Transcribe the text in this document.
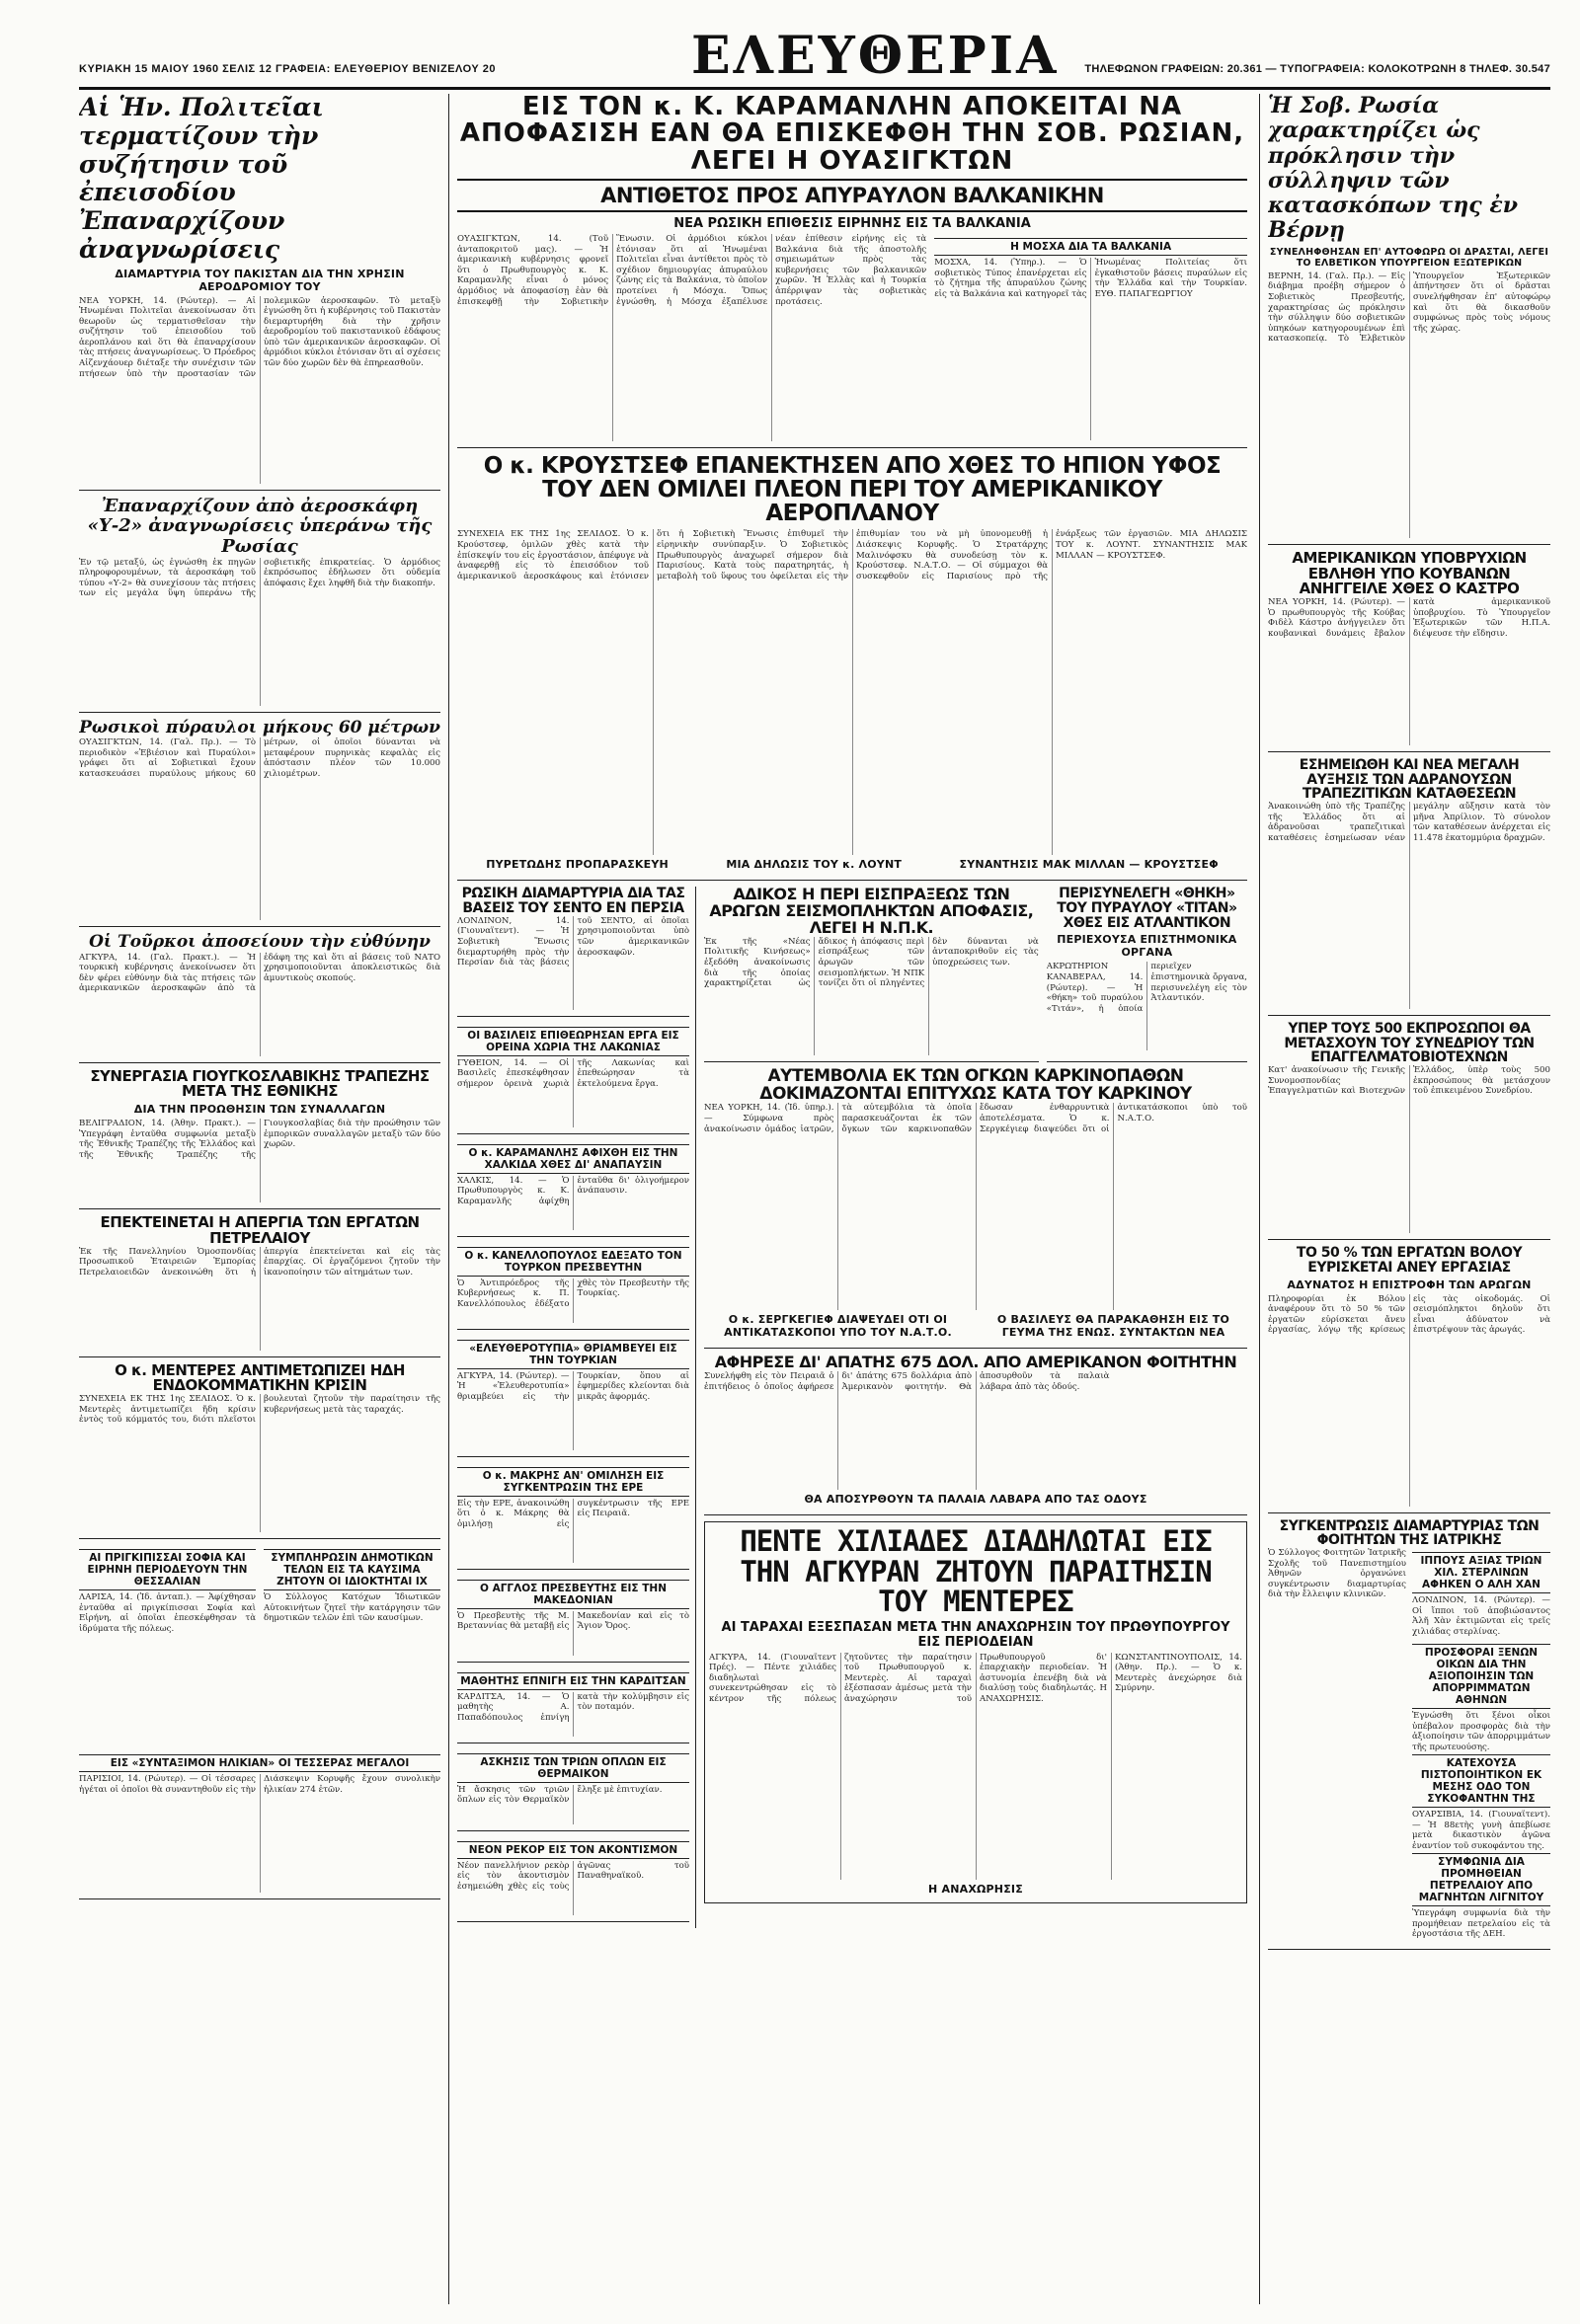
ΚΥΡΙΑΚΗ 15 ΜΑΙΟΥ 1960 ΣΕΛΙΣ 12 ΓΡΑΦΕΙΑ: ΕΛΕΥΘΕΡΙΟΥ ΒΕΝΙΖΕΛΟΥ 20	ΕΛΕΥΘΕΡΙΑ ΤΗΛΕΦΩΝΟΝ ΓΡΑΦΕΙΩΝ: 20.361 — ΤΥΠΟΓΡΑΦΕΙΑ: ΚΟΛΟΚΟΤΡΩΝΗ 8 ΤΗΛΕΦ. 30.547
Αἱ Ἡν. Πολιτεῖαι τερματίζουν τὴν συζήτησιν τοῦ ἐπεισοδίου Ἐπαναρχίζουν ἀναγνωρίσεις
ΔΙΑΜΑΡΤΥΡΙΑ ΤΟΥ ΠΑΚΙΣΤΑΝ ΔΙΑ ΤΗΝ ΧΡΗΣΙΝ ΑΕΡΟΔΡΟΜΙΟΥ ΤΟΥ
ΝΕΑ ΥΟΡΚΗ, 14. (Ρώυτερ). — Αἱ Ἡνωμέναι Πολιτεῖαι ἀνεκοίνωσαν ὅτι θεωροῦν ὡς τερματισθεῖσαν τὴν συζήτησιν τοῦ ἐπεισοδίου τοῦ ἀεροπλάνου καὶ ὅτι θὰ ἐπαναρχίσουν τὰς πτήσεις ἀναγνωρίσεως. Ὁ Πρόεδρος Αἰζενχάουερ διέταξε τὴν συνέχισιν τῶν πτήσεων ὑπὸ τὴν προστασίαν τῶν πολεμικῶν ἀεροσκαφῶν. Τὸ μεταξὺ ἐγνώσθη ὅτι ἡ κυβέρνησις τοῦ Πακιστὰν διεμαρτυρήθη διὰ τὴν χρῆσιν ἀεροδρομίου τοῦ πακιστανικοῦ ἐδάφους ὑπὸ τῶν ἀμερικανικῶν ἀεροσκαφῶν. Οἱ ἀρμόδιοι κύκλοι ἐτόνισαν ὅτι αἱ σχέσεις τῶν δύο χωρῶν δὲν θὰ ἐπηρεασθοῦν.
Ἐπαναρχίζουν ἀπὸ ἀεροσκάφη «Υ-2» ἀναγνωρίσεις ὑπεράνω τῆς Ρωσίας
Ἐν τῷ μεταξύ, ὡς ἐγνώσθη ἐκ πηγῶν πληροφορουμένων, τὰ ἀεροσκάφη τοῦ τύπου «Υ-2» θὰ συνεχίσουν τὰς πτήσεις των εἰς μεγάλα ὕψη ὑπεράνω τῆς σοβιετικῆς ἐπικρατείας. Ὁ ἀρμόδιος ἐκπρόσωπος ἐδήλωσεν ὅτι οὐδεμία ἀπόφασις ἔχει ληφθῆ διὰ τὴν διακοπήν.
Ρωσικοὶ πύραυλοι μήκους 60 μέτρων
ΟΥΑΣΙΓΚΤΩΝ, 14. (Γαλ. Πρ.). — Τὸ περιοδικὸν «Ἐβιέσιον καὶ Πυραύλοι» γράφει ὅτι αἱ Σοβιετικαὶ ἔχουν κατασκευάσει πυραύλους μήκους 60 μέτρων, οἱ ὁποῖοι δύνανται νὰ μεταφέρουν πυρηνικὰς κεφαλὰς εἰς ἀπόστασιν πλέον τῶν 10.000 χιλιομέτρων.
Οἱ Τοῦρκοι ἀποσείουν τὴν εὐθύνην
ΑΓΚΥΡΑ, 14. (Γαλ. Πρακτ.). — Ἡ τουρκικὴ κυβέρνησις ἀνεκοίνωσεν ὅτι δὲν φέρει εὐθύνην διὰ τὰς πτήσεις τῶν ἀμερικανικῶν ἀεροσκαφῶν ἀπὸ τὰ ἐδάφη της καὶ ὅτι αἱ βάσεις τοῦ ΝΑΤΟ χρησιμοποιοῦνται ἀποκλειστικῶς διὰ ἀμυντικοὺς σκοπούς.
ΣΥΝΕΡΓΑΣΙΑ ΓΙΟΥΓΚΟΣΛΑΒΙΚΗΣ ΤΡΑΠΕΖΗΣ ΜΕΤΑ ΤΗΣ ΕΘΝΙΚΗΣ
ΔΙΑ ΤΗΝ ΠΡΟΩΘΗΣΙΝ ΤΩΝ ΣΥΝΑΛΛΑΓΩΝ
ΒΕΛΙΓΡΑΔΙΟΝ, 14. (Ἀθην. Πρακτ.). — Ὑπεγράφη ἐνταῦθα συμφωνία μεταξὺ τῆς Ἐθνικῆς Τραπέζης τῆς Ἑλλάδος καὶ τῆς Ἐθνικῆς Τραπέζης τῆς Γιουγκοσλαβίας διὰ τὴν προώθησιν τῶν ἐμπορικῶν συναλλαγῶν μεταξὺ τῶν δύο χωρῶν.
ΕΠΕΚΤΕΙΝΕΤΑΙ Η ΑΠΕΡΓΙΑ ΤΩΝ ΕΡΓΑΤΩΝ ΠΕΤΡΕΛΑΙΟΥ
Ἐκ τῆς Πανελληνίου Ὁμοσπονδίας Προσωπικοῦ Ἑταιρειῶν Ἐμπορίας Πετρελαιοειδῶν ἀνεκοινώθη ὅτι ἡ ἀπεργία ἐπεκτείνεται καὶ εἰς τὰς ἐπαρχίας. Οἱ ἐργαζόμενοι ζητοῦν τὴν ἱκανοποίησιν τῶν αἰτημάτων των.
Ο κ. ΜΕΝΤΕΡΕΣ ΑΝΤΙΜΕΤΩΠΙΖΕΙ ΗΔΗ ΕΝΔΟΚΟΜΜΑΤΙΚΗΝ ΚΡΙΣΙΝ
ΣΥΝΕΧΕΙΑ ΕΚ ΤΗΣ 1ης ΣΕΛΙΔΟΣ. Ὁ κ. Μεντερὲς ἀντιμετωπίζει ἤδη κρίσιν ἐντὸς τοῦ κόμματός του, διότι πλεῖστοι βουλευταὶ ζητοῦν τὴν παραίτησιν τῆς κυβερνήσεως μετὰ τὰς ταραχάς.
ΑΙ ΠΡΙΓΚΙΠΙΣΣΑΙ ΣΟΦΙΑ ΚΑΙ ΕΙΡΗΝΗ ΠΕΡΙΟΔΕΥΟΥΝ ΤΗΝ ΘΕΣΣΑΛΙΑΝ
ΛΑΡΙΣΑ, 14. (Ἰδ. ἀνταπ.). — Ἀφίχθησαν ἐνταῦθα αἱ πριγκίπισσαι Σοφία καὶ Εἰρήνη, αἱ ὁποῖαι ἐπεσκέφθησαν τὰ ἱδρύματα τῆς πόλεως.
ΣΥΜΠΛΗΡΩΣΙΝ ΔΗΜΟΤΙΚΩΝ ΤΕΛΩΝ ΕΙΣ ΤΑ ΚΑΥΣΙΜΑ ΖΗΤΟΥΝ ΟΙ ΙΔΙΟΚΤΗΤΑΙ ΙΧ
Ὁ Σύλλογος Κατόχων Ἰδιωτικῶν Αὐτοκινήτων ζητεῖ τὴν κατάργησιν τῶν δημοτικῶν τελῶν ἐπὶ τῶν καυσίμων.
ΕΙΣ «ΣΥΝΤΑΞΙΜΟΝ ΗΛΙΚΙΑΝ» ΟΙ ΤΕΣΣΕΡΑΣ ΜΕΓΑΛΟΙ
ΠΑΡΙΣΙΟΙ, 14. (Ρώυτερ). — Οἱ τέσσαρες ἡγέται οἱ ὁποῖοι θὰ συναντηθοῦν εἰς τὴν Διάσκεψιν Κορυφῆς ἔχουν συνολικὴν ἡλικίαν 274 ἐτῶν.
ΕΙΣ ΤΟΝ κ. Κ. ΚΑΡΑΜΑΝΛΗΝ ΑΠΟΚΕΙΤΑΙ ΝΑ ΑΠΟΦΑΣΙΣΗ ΕΑΝ ΘΑ ΕΠΙΣΚΕΦΘΗ ΤΗΝ ΣΟΒ. ΡΩΣΙΑΝ, ΛΕΓΕΙ Η ΟΥΑΣΙΓΚΤΩΝ
ΑΝΤΙΘΕΤΟΣ ΠΡΟΣ ΑΠΥΡΑΥΛΟΝ ΒΑΛΚΑΝΙΚΗΝ
ΝΕΑ ΡΩΣΙΚΗ ΕΠΙΘΕΣΙΣ ΕΙΡΗΝΗΣ ΕΙΣ ΤΑ ΒΑΛΚΑΝΙΑ
ΟΥΑΣΙΓΚΤΩΝ, 14. (Τοῦ ἀνταποκριτοῦ μας). — Ἡ ἀμερικανικὴ κυβέρνησις φρονεῖ ὅτι ὁ Πρωθυπουργὸς κ. Κ. Καραμανλῆς εἶναι ὁ μόνος ἁρμόδιος νὰ ἀποφασίσῃ ἐὰν θὰ ἐπισκεφθῇ τὴν Σοβιετικὴν Ἕνωσιν. Οἱ ἀρμόδιοι κύκλοι ἐτόνισαν ὅτι αἱ Ἡνωμέναι Πολιτεῖαι εἶναι ἀντίθετοι πρὸς τὸ σχέδιον δημιουργίας ἀπυραύλου ζώνης εἰς τὰ Βαλκάνια, τὸ ὁποῖον προτείνει ἡ Μόσχα. Ὅπως ἐγνώσθη, ἡ Μόσχα ἐξαπέλυσε νέαν ἐπίθεσιν εἰρήνης εἰς τὰ Βαλκάνια διὰ τῆς ἀποστολῆς σημειωμάτων πρὸς τὰς κυβερνήσεις τῶν βαλκανικῶν χωρῶν. Ἡ Ἑλλὰς καὶ ἡ Τουρκία ἀπέρριψαν τὰς σοβιετικὰς προτάσεις.
Η ΜΟΣΧΑ ΔΙΑ ΤΑ ΒΑΛΚΑΝΙΑ
ΜΟΣΧΑ, 14. (Ὑπηρ.). — Ὁ σοβιετικὸς Τύπος ἐπανέρχεται εἰς τὸ ζήτημα τῆς ἀπυραύλου ζώνης εἰς τὰ Βαλκάνια καὶ κατηγορεῖ τὰς Ἡνωμένας Πολιτείας ὅτι ἐγκαθιστοῦν βάσεις πυραύλων εἰς τὴν Ἑλλάδα καὶ τὴν Τουρκίαν. ΕΥΘ. ΠΑΠΑΓΕΩΡΓΙΟΥ
Ο κ. ΚΡΟΥΣΤΣΕΦ ΕΠΑΝΕΚΤΗΣΕΝ ΑΠΟ ΧΘΕΣ ΤΟ ΗΠΙΟΝ ΥΦΟΣ ΤΟΥ ΔΕΝ ΟΜΙΛΕΙ ΠΛΕΟΝ ΠΕΡΙ ΤΟΥ ΑΜΕΡΙΚΑΝΙΚΟΥ ΑΕΡΟΠΛΑΝΟΥ
ΣΥΝΕΧΕΙΑ ΕΚ ΤΗΣ 1ης ΣΕΛΙΔΟΣ. Ὁ κ. Κρούστσεφ, ὁμιλῶν χθὲς κατὰ τὴν ἐπίσκεψίν του εἰς ἐργοστάσιον, ἀπέφυγε νὰ ἀναφερθῇ εἰς τὸ ἐπεισόδιον τοῦ ἀμερικανικοῦ ἀεροσκάφους καὶ ἐτόνισεν ὅτι ἡ Σοβιετικὴ Ἕνωσις ἐπιθυμεῖ τὴν εἰρηνικὴν συνύπαρξιν. Ὁ Σοβιετικὸς Πρωθυπουργὸς ἀναχωρεῖ σήμερον διὰ Παρισίους. Κατὰ τοὺς παρατηρητάς, ἡ μεταβολὴ τοῦ ὕφους του ὀφείλεται εἰς τὴν ἐπιθυμίαν του νὰ μὴ ὑπονομευθῇ ἡ Διάσκεψις Κορυφῆς. Ὁ Στρατάρχης Μαλινόφσκυ θὰ συνοδεύσῃ τὸν κ. Κρούστσεφ. Ν.Α.Τ.Ο. — Οἱ σύμμαχοι θὰ συσκεφθοῦν εἰς Παρισίους πρὸ τῆς ἐνάρξεως τῶν ἐργασιῶν. ΜΙΑ ΔΗΛΩΣΙΣ ΤΟΥ κ. ΛΟΥΝΤ. ΣΥΝΑΝΤΗΣΙΣ ΜΑΚ ΜΙΛΛΑΝ — ΚΡΟΥΣΤΣΕΦ.
ΠΥΡΕΤΩΔΗΣ ΠΡΟΠΑΡΑΣΚΕΥΗ	ΜΙΑ ΔΗΛΩΣΙΣ ΤΟΥ κ. ΛΟΥΝΤ	ΣΥΝΑΝΤΗΣΙΣ ΜΑΚ ΜΙΛΛΑΝ — ΚΡΟΥΣΤΣΕΦ
ΡΩΣΙΚΗ ΔΙΑΜΑΡΤΥΡΙΑ ΔΙΑ ΤΑΣ ΒΑΣΕΙΣ ΤΟΥ ΣΕΝΤΟ ΕΝ ΠΕΡΣΙΑ
ΛΟΝΔΙΝΟΝ, 14. (Γιουναϊτεντ). — Ἡ Σοβιετικὴ Ἕνωσις διεμαρτυρήθη πρὸς τὴν Περσίαν διὰ τὰς βάσεις τοῦ ΣΕΝΤΟ, αἱ ὁποῖαι χρησιμοποιοῦνται ὑπὸ τῶν ἀμερικανικῶν ἀεροσκαφῶν.
ΟΙ ΒΑΣΙΛΕΙΣ ΕΠΙΘΕΩΡΗΣΑΝ ΕΡΓΑ ΕΙΣ ΟΡΕΙΝΑ ΧΩΡΙΑ ΤΗΣ ΛΑΚΩΝΙΑΣ
ΓΥΘΕΙΟΝ, 14. — Οἱ Βασιλεῖς ἐπεσκέφθησαν σήμερον ὀρεινὰ χωριὰ τῆς Λακωνίας καὶ ἐπεθεώρησαν τὰ ἐκτελούμενα ἔργα.
Ο κ. ΚΑΡΑΜΑΝΛΗΣ ΑΦΙΧΘΗ ΕΙΣ ΤΗΝ ΧΑΛΚΙΔΑ ΧΘΕΣ ΔΙ' ΑΝΑΠΑΥΣΙΝ
ΧΑΛΚΙΣ, 14. — Ὁ Πρωθυπουργὸς κ. Κ. Καραμανλῆς ἀφίχθη ἐνταῦθα δι' ὀλιγοήμερον ἀνάπαυσιν.
Ο κ. ΚΑΝΕΛΛΟΠΟΥΛΟΣ ΕΔΕΞΑΤΟ ΤΟΝ ΤΟΥΡΚΟΝ ΠΡΕΣΒΕΥΤΗΝ
Ὁ Ἀντιπρόεδρος τῆς Κυβερνήσεως κ. Π. Κανελλόπουλος ἐδέξατο χθὲς τὸν Πρεσβευτὴν τῆς Τουρκίας.
«ΕΛΕΥΘΕΡΟΤΥΠΙΑ» ΘΡΙΑΜΒΕΥΕΙ ΕΙΣ ΤΗΝ ΤΟΥΡΚΙΑΝ
ΑΓΚΥΡΑ, 14. (Ρώυτερ). — Ἡ «Ἐλευθεροτυπία» θριαμβεύει εἰς τὴν Τουρκίαν, ὅπου αἱ ἐφημερίδες κλείονται διὰ μικρᾶς ἀφορμάς.
Ο κ. ΜΑΚΡΗΣ ΑΝ' ΟΜΙΛΗΣΗ ΕΙΣ ΣΥΓΚΕΝΤΡΩΣΙΝ ΤΗΣ ΕΡΕ
Εἰς τὴν ΕΡΕ, ἀνακοινώθη ὅτι ὁ κ. Μάκρης θὰ ὁμιλήσῃ εἰς συγκέντρωσιν τῆς ΕΡΕ εἰς Πειραιᾶ.
Ο ΑΓΓΛΟΣ ΠΡΕΣΒΕΥΤΗΣ ΕΙΣ ΤΗΝ ΜΑΚΕΔΟΝΙΑΝ
Ὁ Πρεσβευτὴς τῆς Μ. Βρεταννίας θὰ μεταβῇ εἰς Μακεδονίαν καὶ εἰς τὸ Ἅγιον Ὄρος.
ΜΑΘΗΤΗΣ ΕΠΝΙΓΗ ΕΙΣ ΤΗΝ ΚΑΡΔΙΤΣΑΝ
ΚΑΡΔΙΤΣΑ, 14. — Ὁ μαθητὴς Α. Παπαδόπουλος ἐπνίγη κατὰ τὴν κολύμβησιν εἰς τὸν ποταμόν.
ΑΣΚΗΣΙΣ ΤΩΝ ΤΡΙΩΝ ΟΠΛΩΝ ΕΙΣ ΘΕΡΜΑΙΚΟΝ
Ἡ ἄσκησις τῶν τριῶν ὅπλων εἰς τὸν Θερμαϊκὸν ἔληξε μὲ ἐπιτυχίαν.
ΝΕΟΝ ΡΕΚΟΡ ΕΙΣ ΤΟΝ ΑΚΟΝΤΙΣΜΟΝ
Νέον πανελλήνιον ρεκὸρ εἰς τὸν ἀκοντισμὸν ἐσημειώθη χθὲς εἰς τοὺς ἀγῶνας τοῦ Παναθηναϊκοῦ.
ΑΔΙΚΟΣ Η ΠΕΡΙ ΕΙΣΠΡΑΞΕΩΣ ΤΩΝ ΑΡΩΓΩΝ ΣΕΙΣΜΟΠΛΗΚΤΩΝ ΑΠΟΦΑΣΙΣ, ΛΕΓΕΙ Η Ν.Π.Κ.
Ἐκ τῆς «Νέας Πολιτικῆς Κινήσεως» ἐξεδόθη ἀνακοίνωσις διὰ τῆς ὁποίας χαρακτηρίζεται ὡς ἄδικος ἡ ἀπόφασις περὶ εἰσπράξεως τῶν ἀρωγῶν τῶν σεισμοπλήκτων. Ἡ ΝΠΚ τονίζει ὅτι οἱ πληγέντες δὲν δύνανται νὰ ἀνταποκριθοῦν εἰς τὰς ὑποχρεώσεις των.
ΠΕΡΙΣΥΝΕΛΕΓΗ «ΘΗΚΗ» ΤΟΥ ΠΥΡΑΥΛΟΥ «ΤΙΤΑΝ» ΧΘΕΣ ΕΙΣ ΑΤΛΑΝΤΙΚΟΝ
ΠΕΡΙΕΧΟΥΣΑ ΕΠΙΣΤΗΜΟΝΙΚΑ ΟΡΓΑΝΑ
ΑΚΡΩΤΗΡΙΟΝ ΚΑΝΑΒΕΡΑΛ, 14. (Ρώυτερ). — Ἡ «θήκη» τοῦ πυραύλου «Τιτάν», ἡ ὁποία περιεῖχεν ἐπιστημονικὰ ὄργανα, περισυνελέγη εἰς τὸν Ἀτλαντικόν.
ΑΥΤΕΜΒΟΛΙΑ ΕΚ ΤΩΝ ΟΓΚΩΝ ΚΑΡΚΙΝΟΠΑΘΩΝ ΔΟΚΙΜΑΖΟΝΤΑΙ ΕΠΙΤΥΧΩΣ ΚΑΤΑ ΤΟΥ ΚΑΡΚΙΝΟΥ
ΝΕΑ ΥΟΡΚΗ, 14. (Ἰδ. ὑπηρ.). — Σύμφωνα πρὸς ἀνακοίνωσιν ὁμάδος ἰατρῶν, τὰ αὐτεμβόλια τὰ ὁποῖα παρασκευάζονται ἐκ τῶν ὄγκων τῶν καρκινοπαθῶν ἔδωσαν ἐνθαρρυντικὰ ἀποτελέσματα. Ὁ κ. Σεργκέγιεφ διαψεύδει ὅτι οἱ ἀντικατάσκοποι ὑπὸ τοῦ Ν.Α.Τ.Ο.
Ο κ. ΣΕΡΓΚΕΓΙΕΦ ΔΙΑΨΕΥΔΕΙ ΟΤΙ ΟΙ ΑΝΤΙΚΑΤΑΣΚΟΠΟΙ ΥΠΟ ΤΟΥ Ν.Α.Τ.Ο.
Ο ΒΑΣΙΛΕΥΣ ΘΑ ΠΑΡΑΚΑΘΗΣΗ ΕΙΣ ΤΟ ΓΕΥΜΑ ΤΗΣ ΕΝΩΣ. ΣΥΝΤΑΚΤΩΝ ΝΕΑ
ΑΦΗΡΕΣΕ ΔΙ' ΑΠΑΤΗΣ 675 ΔΟΛ. ΑΠΟ ΑΜΕΡΙΚΑΝΟΝ ΦΟΙΤΗΤΗΝ
Συνελήφθη εἰς τὸν Πειραιᾶ ὁ ἐπιτήδειος ὁ ὁποῖος ἀφήρεσε δι' ἀπάτης 675 δολλάρια ἀπὸ Ἀμερικανὸν φοιτητήν. Θὰ ἀποσυρθοῦν τὰ παλαιὰ λάβαρα ἀπὸ τὰς ὁδούς.
ΘΑ ΑΠΟΣΥΡΘΟΥΝ ΤΑ ΠΑΛΑΙΑ ΛΑΒΑΡΑ ΑΠΟ ΤΑΣ ΟΔΟΥΣ
ΠΕΝΤΕ ΧΙΛΙΑΔΕΣ ΔΙΑΔΗΛΩΤΑΙ ΕΙΣ ΤΗΝ ΑΓΚΥΡΑΝ ΖΗΤΟΥΝ ΠΑΡΑΙΤΗΣΙΝ ΤΟΥ ΜΕΝΤΕΡΕΣ
ΑΙ ΤΑΡΑΧΑΙ ΕΞΕΣΠΑΣΑΝ ΜΕΤΑ ΤΗΝ ΑΝΑΧΩΡΗΣΙΝ ΤΟΥ ΠΡΩΘΥΠΟΥΡΓΟΥ ΕΙΣ ΠΕΡΙΟΔΕΙΑΝ
ΑΓΚΥΡΑ, 14. (Γιουναϊτεντ Πρές). — Πέντε χιλιάδες διαδηλωταὶ συνεκεντρώθησαν εἰς τὸ κέντρον τῆς πόλεως ζητοῦντες τὴν παραίτησιν τοῦ Πρωθυπουργοῦ κ. Μεντερὲς. Αἱ ταραχαὶ ἐξέσπασαν ἀμέσως μετὰ τὴν ἀναχώρησιν τοῦ Πρωθυπουργοῦ δι' ἐπαρχιακὴν περιοδείαν. Ἡ ἀστυνομία ἐπενέβη διὰ νὰ διαλύσῃ τοὺς διαδηλωτάς. Η ΑΝΑΧΩΡΗΣΙΣ. ΚΩΝΣΤΑΝΤΙΝΟΥΠΟΛΙΣ, 14. (Ἀθην. Πρ.). — Ὁ κ. Μεντερὲς ἀνεχώρησε διὰ Σμύρνην.
Η ΑΝΑΧΩΡΗΣΙΣ
Ἡ Σοβ. Ρωσία χαρακτηρίζει ὡς πρόκλησιν τὴν σύλληψιν τῶν κατασκόπων της ἐν Βέρνῃ
ΣΥΝΕΛΗΦΘΗΣΑΝ ΕΠ' ΑΥΤΟΦΩΡΩ ΟΙ ΔΡΑΣΤΑΙ, ΛΕΓΕΙ ΤΟ ΕΛΒΕΤΙΚΟΝ ΥΠΟΥΡΓΕΙΟΝ ΕΞΩΤΕΡΙΚΩΝ
ΒΕΡΝΗ, 14. (Γαλ. Πρ.). — Εἰς διάβημα προέβη σήμερον ὁ Σοβιετικὸς Πρεσβευτής, χαρακτηρίσας ὡς πρόκλησιν τὴν σύλληψιν δύο σοβιετικῶν ὑπηκόων κατηγορουμένων ἐπὶ κατασκοπείᾳ. Τὸ Ἑλβετικὸν Ὑπουργεῖον Ἐξωτερικῶν ἀπήντησεν ὅτι οἱ δρᾶσται συνελήφθησαν ἐπ' αὐτοφώρῳ καὶ ὅτι θὰ δικασθοῦν συμφώνως πρὸς τοὺς νόμους τῆς χώρας.
ΑΜΕΡΙΚΑΝΙΚΩΝ ΥΠΟΒΡΥΧΙΩΝ ΕΒΛΗΘΗ ΥΠΟ ΚΟΥΒΑΝΩΝ ΑΝΗΓΓΕΙΛΕ ΧΘΕΣ Ο ΚΑΣΤΡΟ
ΝΕΑ ΥΟΡΚΗ, 14. (Ρώυτερ). — Ὁ πρωθυπουργὸς τῆς Κούβας Φιδὲλ Κάστρο ἀνήγγειλεν ὅτι κουβανικαὶ δυνάμεις ἔβαλον κατὰ ἀμερικανικοῦ ὑποβρυχίου. Τὸ Ὑπουργεῖον Ἐξωτερικῶν τῶν Η.Π.Α. διέψευσε τὴν εἴδησιν.
ΕΣΗΜΕΙΩΘΗ ΚΑΙ ΝΕΑ ΜΕΓΑΛΗ ΑΥΞΗΣΙΣ ΤΩΝ ΑΔΡΑΝΟΥΣΩΝ ΤΡΑΠΕΖΙΤΙΚΩΝ ΚΑΤΑΘΕΣΕΩΝ
Ἀνακοινώθη ὑπὸ τῆς Τραπέζης τῆς Ἑλλάδος ὅτι αἱ ἀδρανοῦσαι τραπεζιτικαὶ καταθέσεις ἐσημείωσαν νέαν μεγάλην αὔξησιν κατὰ τὸν μῆνα Ἀπρίλιον. Τὸ σύνολον τῶν καταθέσεων ἀνέρχεται εἰς 11.478 ἑκατομμύρια δραχμῶν.
ΥΠΕΡ ΤΟΥΣ 500 ΕΚΠΡΟΣΩΠΟΙ ΘΑ ΜΕΤΑΣΧΟΥΝ ΤΟΥ ΣΥΝΕΔΡΙΟΥ ΤΩΝ ΕΠΑΓΓΕΛΜΑΤΟΒΙΟΤΕΧΝΩΝ
Κατ' ἀνακοίνωσιν τῆς Γενικῆς Συνομοσπονδίας Ἐπαγγελματιῶν καὶ Βιοτεχνῶν Ἑλλάδος, ὑπὲρ τοὺς 500 ἐκπροσώπους θὰ μετάσχουν τοῦ ἐπικειμένου Συνεδρίου.
ΤΟ 50 % ΤΩΝ ΕΡΓΑΤΩΝ ΒΟΛΟΥ ΕΥΡΙΣΚΕΤΑΙ ΑΝΕΥ ΕΡΓΑΣΙΑΣ
ΑΔΥΝΑΤΟΣ Η ΕΠΙΣΤΡΟΦΗ ΤΩΝ ΑΡΩΓΩΝ
Πληροφορίαι ἐκ Βόλου ἀναφέρουν ὅτι τὸ 50 % τῶν ἐργατῶν εὑρίσκεται ἄνευ ἐργασίας, λόγῳ τῆς κρίσεως εἰς τὰς οἰκοδομάς. Οἱ σεισμόπληκτοι δηλοῦν ὅτι εἶναι ἀδύνατον νὰ ἐπιστρέψουν τὰς ἀρωγάς.
ΣΥΓΚΕΝΤΡΩΣΙΣ ΔΙΑΜΑΡΤΥΡΙΑΣ ΤΩΝ ΦΟΙΤΗΤΩΝ ΤΗΣ ΙΑΤΡΙΚΗΣ
Ὁ Σύλλογος Φοιτητῶν Ἰατρικῆς Σχολῆς τοῦ Πανεπιστημίου Ἀθηνῶν ὀργανώνει συγκέντρωσιν διαμαρτυρίας διὰ τὴν ἔλλειψιν κλινικῶν.
ΙΠΠΟΥΣ ΑΞΙΑΣ ΤΡΙΩΝ ΧΙΛ. ΣΤΕΡΛΙΝΩΝ ΑΦΗΚΕΝ Ο ΑΛΗ ΧΑΝ
ΛΟΝΔΙΝΟΝ, 14. (Ρώυτερ). — Οἱ ἵπποι τοῦ ἀποβιώσαντος Ἀλῆ Χὰν ἐκτιμῶνται εἰς τρεῖς χιλιάδας στερλίνας.
ΠΡΟΣΦΟΡΑΙ ΞΕΝΩΝ ΟΙΚΩΝ ΔΙΑ ΤΗΝ ΑΞΙΟΠΟΙΗΣΙΝ ΤΩΝ ΑΠΟΡΡΙΜΜΑΤΩΝ ΑΘΗΝΩΝ
Ἐγνώσθη ὅτι ξένοι οἶκοι ὑπέβαλον προσφορὰς διὰ τὴν ἀξιοποίησιν τῶν ἀπορριμμάτων τῆς πρωτευούσης.
ΚΑΤΕΧΟΥΣΑ ΠΙΣΤΟΠΟΙΗΤΙΚΟΝ ΕΚ ΜΕΣΗΣ ΟΔΟ ΤΟΝ ΣΥΚΟΦΑΝΤΗΝ ΤΗΣ
ΟΥΑΡΣΙΒΙΑ, 14. (Γιουναϊτεντ). — Ἡ 88ετὴς γυνὴ ἀπεβίωσε μετὰ δικαστικὸν ἀγῶνα ἐναντίον τοῦ συκοφάντου της.
ΣΥΜΦΩΝΙΑ ΔΙΑ ΠΡΟΜΗΘΕΙΑΝ ΠΕΤΡΕΛΑΙΟΥ ΑΠΟ ΜΑΓΝΗΤΩΝ ΛΙΓΝΙΤΟΥ
Ὑπεγράφη συμφωνία διὰ τὴν προμήθειαν πετρελαίου εἰς τὰ ἐργοστάσια τῆς ΔΕΗ.
